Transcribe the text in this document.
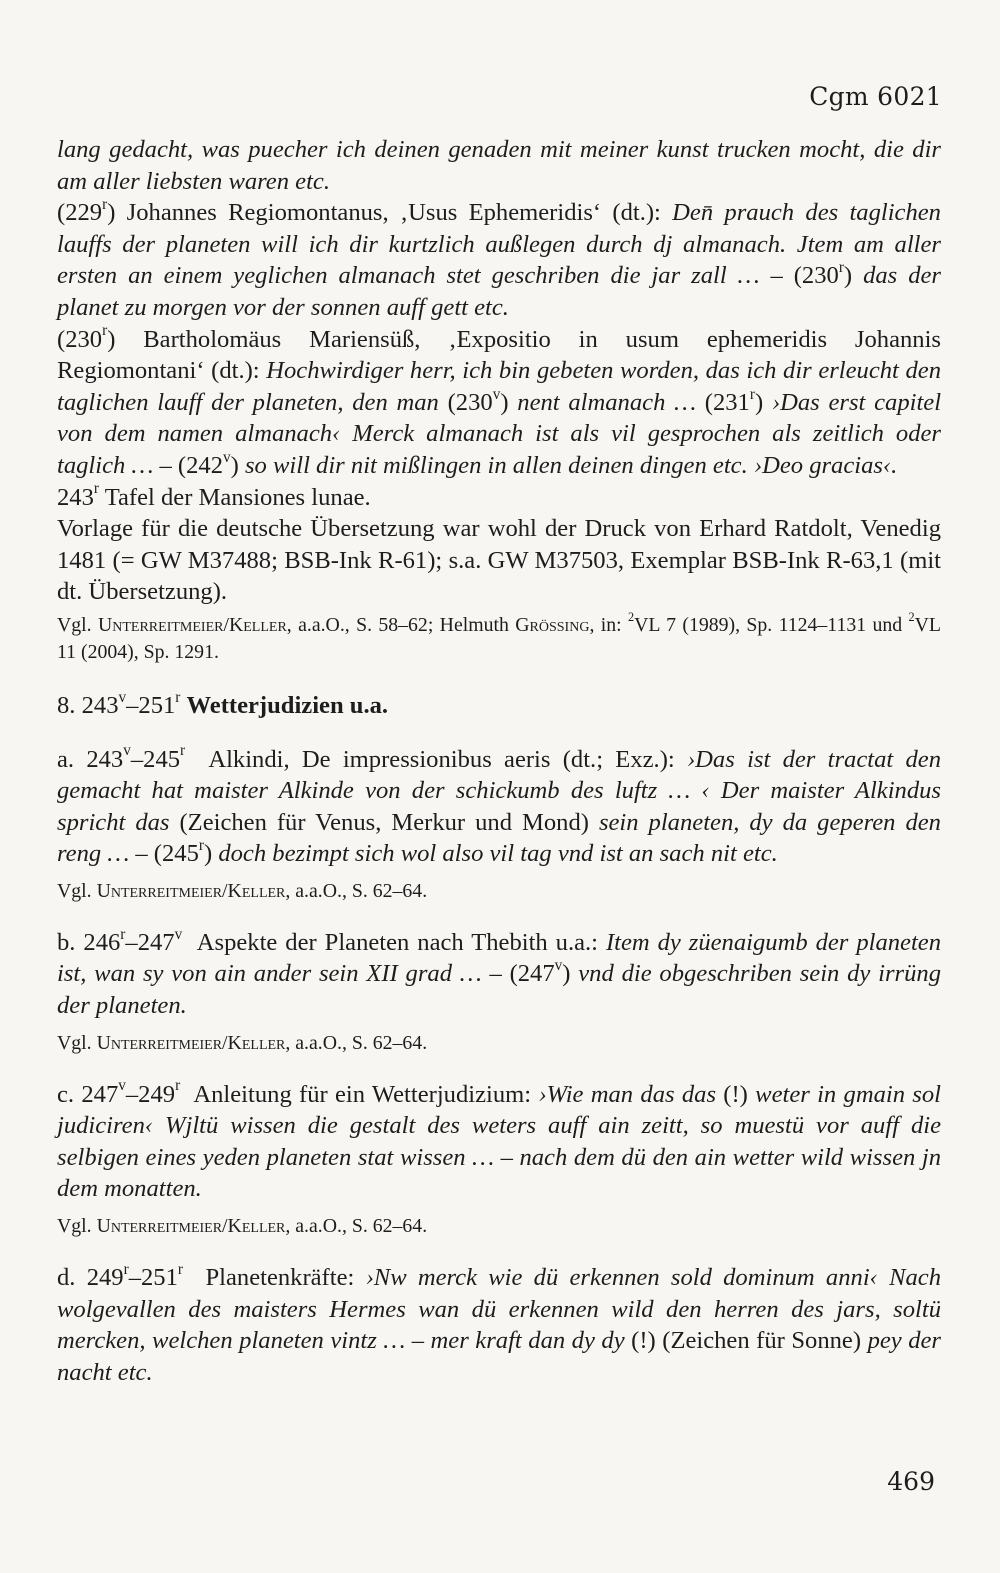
Cgm 6021

lang gedacht, was puecher ich deinen genaden mit meiner kunst trucken mocht, die dir am aller liebsten waren etc.

(229$^r$) Johannes Regiomontanus, ‚Usus Ephemeridis‘ (dt.): Den̄ prauch des taglichen lauffs der planeten will ich dir kurtzlich außlegen durch dj almanach. Jtem am aller ersten an einem yeglichen almanach stet geschriben die jar zall … – (230$^r$) das der planet zu morgen vor der sonnen auff gett etc.

(230$^r$) Bartholomäus Mariensüß, ‚Expositio in usum ephemeridis Johannis Regiomontani‘ (dt.): Hochwirdiger herr, ich bin gebeten worden, das ich dir erleucht den taglichen lauff der planeten, den man (230$^v$) nent almanach … (231$^r$) ›Das erst capitel von dem namen almanach‹ Merck almanach ist als vil gesprochen als zeitlich oder taglich … – (242$^v$) so will dir nit mißlingen in allen deinen dingen etc. ›Deo gracias‹.

243$^r$ Tafel der Mansiones lunae.

Vorlage für die deutsche Übersetzung war wohl der Druck von Erhard Ratdolt, Venedig 1481 (= GW M37488; BSB-Ink R-61); s.a. GW M37503, Exemplar BSB-Ink R-63,1 (mit dt. Übersetzung).

Vgl. Unterreitmeier/Keller, a.a.O., S. 58–62; Helmuth Grössing, in: $^2$VL 7 (1989), Sp. 1124–1131 und $^2$VL 11 (2004), Sp. 1291.

8. 243$^v$–251$^r$ Wetterjudizien u.a.

a. 243$^v$–245$^r$  Alkindi, De impressionibus aeris (dt.; Exz.): ›Das ist der tractat den gemacht hat maister Alkinde von der schickumb des luftz … ‹ Der maister Alkindus spricht das (Zeichen für Venus, Merkur und Mond) sein planeten, dy da geperen den reng … – (245$^r$) doch bezimpt sich wol also vil tag vnd ist an sach nit etc.

Vgl. Unterreitmeier/Keller, a.a.O., S. 62–64.

b. 246$^r$–247$^v$  Aspekte der Planeten nach Thebith u.a.: Item dy züenaigumb der planeten ist, wan sy von ain ander sein XII grad … – (247$^v$) vnd die obgeschriben sein dy irrüng der planeten.

Vgl. Unterreitmeier/Keller, a.a.O., S. 62–64.

c. 247$^v$–249$^r$  Anleitung für ein Wetterjudizium: ›Wie man das das (!) weter in gmain sol judiciren‹ Wjltü wissen die gestalt des weters auff ain zeitt, so muestü vor auff die selbigen eines yeden planeten stat wissen … – nach dem dü den ain wetter wild wissen jn dem monatten.

Vgl. Unterreitmeier/Keller, a.a.O., S. 62–64.

d. 249$^r$–251$^r$  Planetenkräfte: ›Nw merck wie dü erkennen sold dominum anni‹ Nach wolgevallen des maisters Hermes wan dü erkennen wild den herren des jars, soltü mercken, welchen planeten vintz … – mer kraft dan dy dy (!) (Zeichen für Sonne) pey der nacht etc.

469
